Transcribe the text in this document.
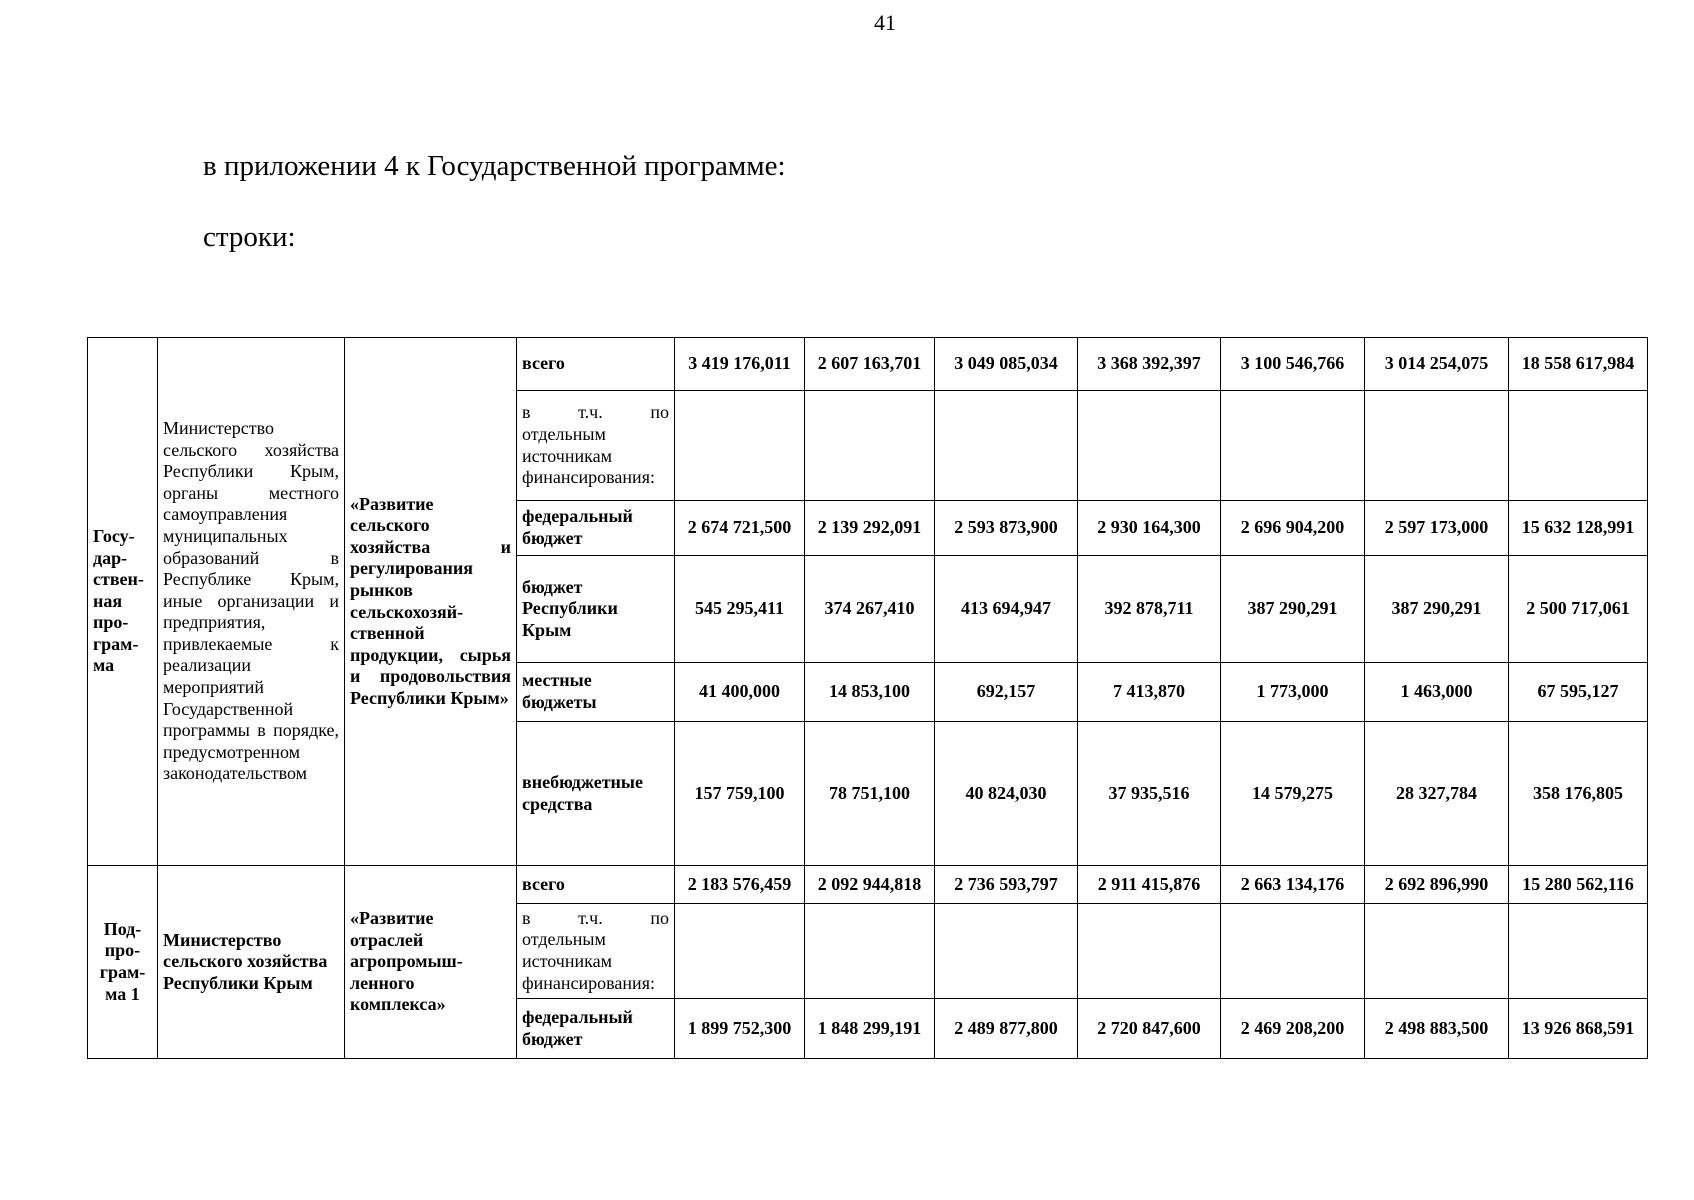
41
в приложении 4 к Государственной программе:
строки:
Госу-дар-ствен-ная про-грам-ма	Министерство сельского хозяйства Республики Крым, органы местного самоуправления муниципальных образований в Республике Крым, иные организации и предприятия, привлекаемые к реализации мероприятий Государственной программы в порядке, предусмотренном законодательством	«Развитие сельского хозяйства и регулирования рынков сельскохозяй-ственной продукции, сырья и продовольствия Республики Крым»	всего	3 419 176,011	2 607 163,701	3 049 085,034	3 368 392,397	3 100 546,766	3 014 254,075	18 558 617,984
			в т.ч. по отдельным источникам финансирования:							
			федеральный бюджет	2 674 721,500	2 139 292,091	2 593 873,900	2 930 164,300	2 696 904,200	2 597 173,000	15 632 128,991
			бюджет Республики Крым	545 295,411	374 267,410	413 694,947	392 878,711	387 290,291	387 290,291	2 500 717,061
			местные бюджеты	41 400,000	14 853,100	692,157	7 413,870	1 773,000	1 463,000	67 595,127
			внебюджетные средства	157 759,100	78 751,100	40 824,030	37 935,516	14 579,275	28 327,784	358 176,805
Под-про-грам-ма 1	Министерство сельского хозяйства Республики Крым	«Развитие отраслей агропромыш-ленного комплекса»	всего	2 183 576,459	2 092 944,818	2 736 593,797	2 911 415,876	2 663 134,176	2 692 896,990	15 280 562,116
			в т.ч. по отдельным источникам финансирования:							
			федеральный бюджет	1 899 752,300	1 848 299,191	2 489 877,800	2 720 847,600	2 469 208,200	2 498 883,500	13 926 868,591
